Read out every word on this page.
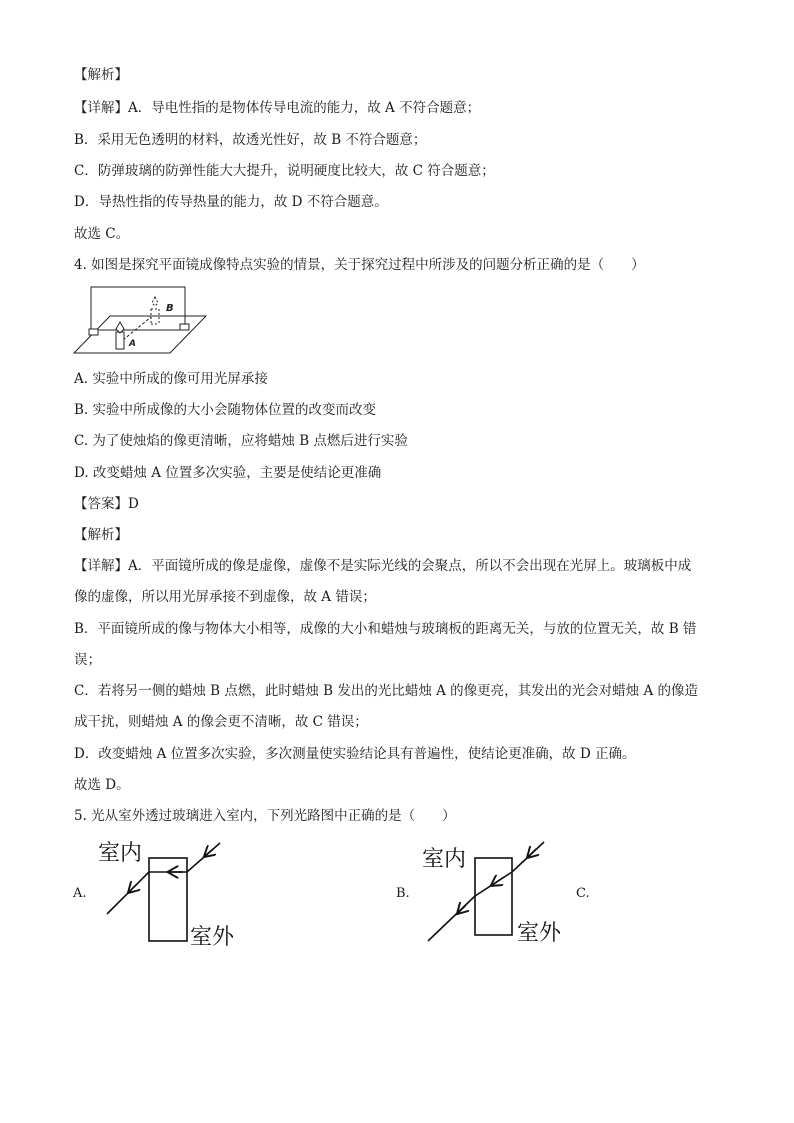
【解析】
【详解】A．导电性指的是物体传导电流的能力，故 A 不符合题意；
B．采用无色透明的材料，故透光性好，故 B 不符合题意；
C．防弹玻璃的防弹性能大大提升，说明硬度比较大，故 C 符合题意；
D．导热性指的传导热量的能力，故 D 不符合题意。
故选 C。
4. 如图是探究平面镜成像特点实验的情景，关于探究过程中所涉及的问题分析正确的是（　　）
A
B
A. 实验中所成的像可用光屏承接
B. 实验中所成像的大小会随物体位置的改变而改变
C. 为了使烛焰的像更清晰，应将蜡烛 B 点燃后进行实验
D. 改变蜡烛 A 位置多次实验，主要是使结论更准确
【答案】D
【解析】
【详解】A．平面镜所成的像是虚像，虚像不是实际光线的会聚点，所以不会出现在光屏上。玻璃板中成
像的虚像，所以用光屏承接不到虚像，故 A 错误；
B．平面镜所成的像与物体大小相等，成像的大小和蜡烛与玻璃板的距离无关，与放的位置无关，故 B 错
误；
C．若将另一侧的蜡烛 B 点燃，此时蜡烛 B 发出的光比蜡烛 A 的像更亮，其发出的光会对蜡烛 A 的像造
成干扰，则蜡烛 A 的像会更不清晰，故 C 错误；
D．改变蜡烛 A 位置多次实验，多次测量使实验结论具有普遍性，使结论更准确，故 D 正确。
故选 D。
5. 光从室外透过玻璃进入室内，下列光路图中正确的是（　　）
A.
室内
室外
B.
室内
室外
C.
